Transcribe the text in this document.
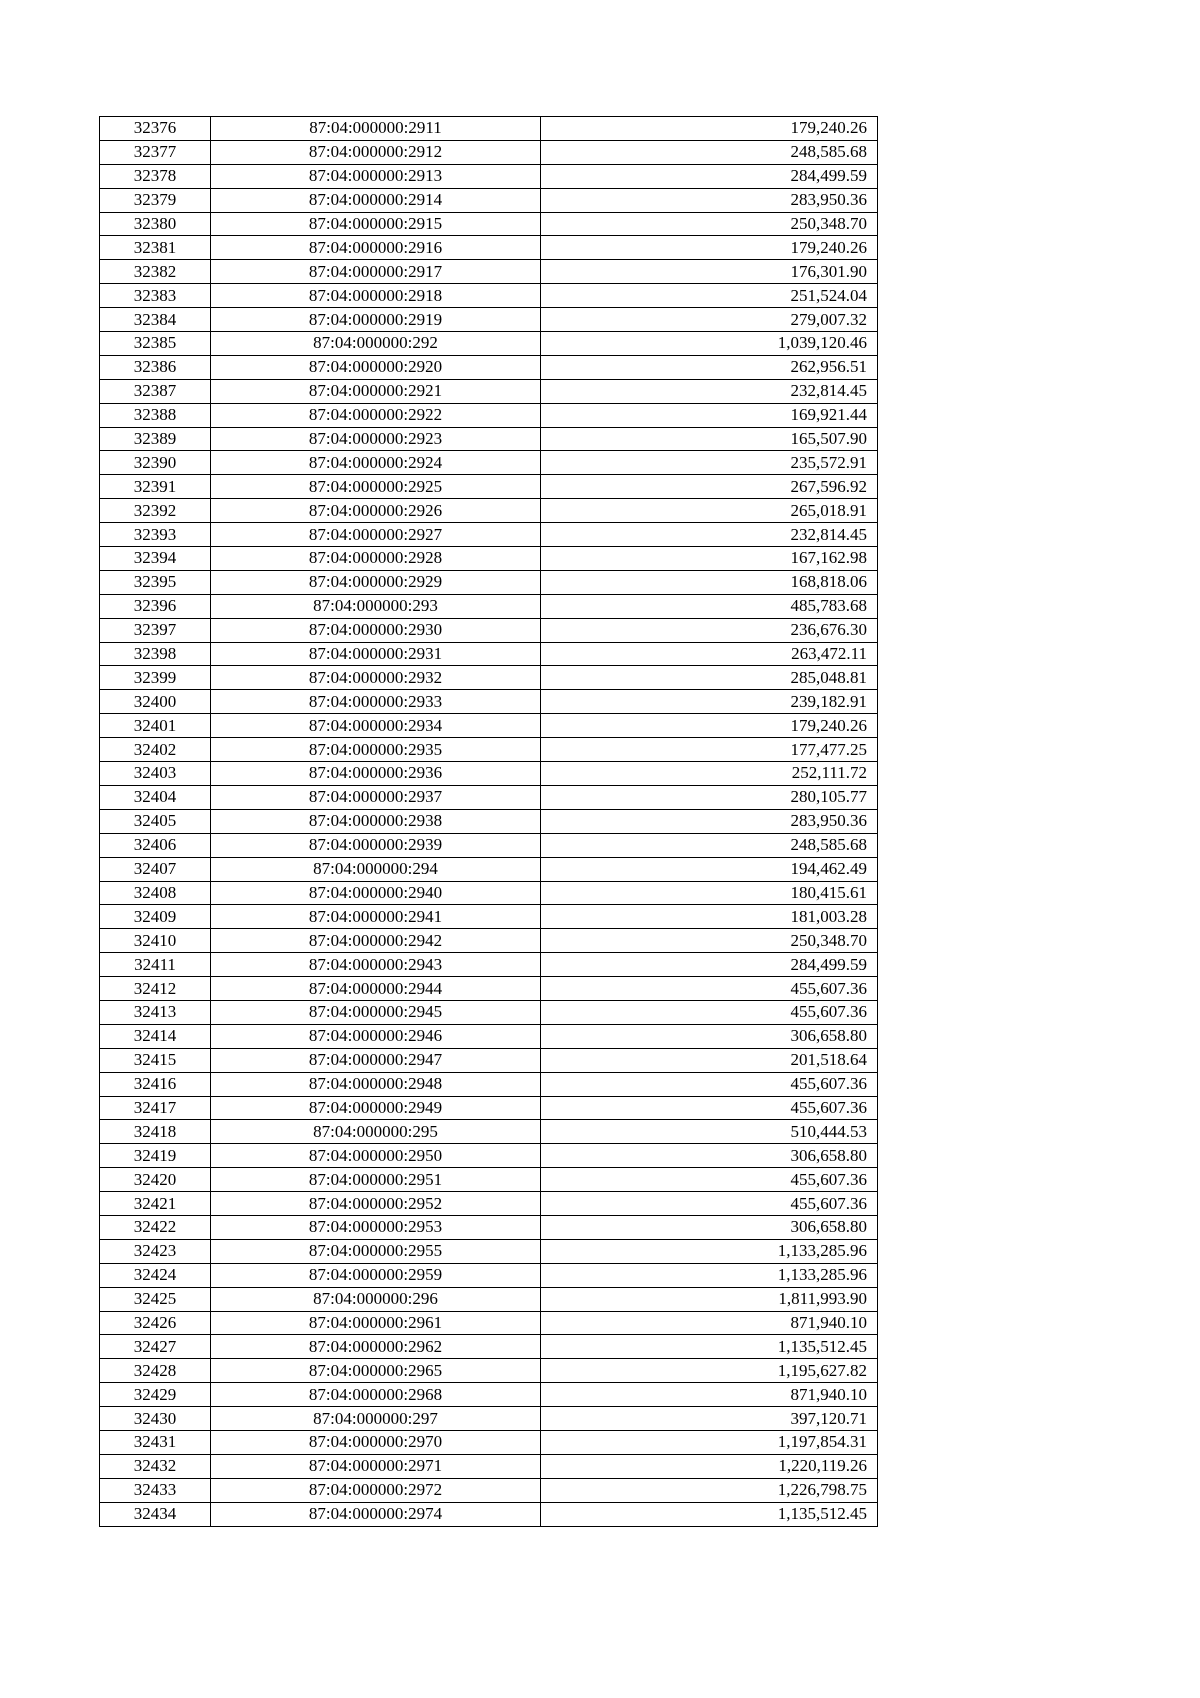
32376	87:04:000000:2911	179,240.26
32377	87:04:000000:2912	248,585.68
32378	87:04:000000:2913	284,499.59
32379	87:04:000000:2914	283,950.36
32380	87:04:000000:2915	250,348.70
32381	87:04:000000:2916	179,240.26
32382	87:04:000000:2917	176,301.90
32383	87:04:000000:2918	251,524.04
32384	87:04:000000:2919	279,007.32
32385	87:04:000000:292	1,039,120.46
32386	87:04:000000:2920	262,956.51
32387	87:04:000000:2921	232,814.45
32388	87:04:000000:2922	169,921.44
32389	87:04:000000:2923	165,507.90
32390	87:04:000000:2924	235,572.91
32391	87:04:000000:2925	267,596.92
32392	87:04:000000:2926	265,018.91
32393	87:04:000000:2927	232,814.45
32394	87:04:000000:2928	167,162.98
32395	87:04:000000:2929	168,818.06
32396	87:04:000000:293	485,783.68
32397	87:04:000000:2930	236,676.30
32398	87:04:000000:2931	263,472.11
32399	87:04:000000:2932	285,048.81
32400	87:04:000000:2933	239,182.91
32401	87:04:000000:2934	179,240.26
32402	87:04:000000:2935	177,477.25
32403	87:04:000000:2936	252,111.72
32404	87:04:000000:2937	280,105.77
32405	87:04:000000:2938	283,950.36
32406	87:04:000000:2939	248,585.68
32407	87:04:000000:294	194,462.49
32408	87:04:000000:2940	180,415.61
32409	87:04:000000:2941	181,003.28
32410	87:04:000000:2942	250,348.70
32411	87:04:000000:2943	284,499.59
32412	87:04:000000:2944	455,607.36
32413	87:04:000000:2945	455,607.36
32414	87:04:000000:2946	306,658.80
32415	87:04:000000:2947	201,518.64
32416	87:04:000000:2948	455,607.36
32417	87:04:000000:2949	455,607.36
32418	87:04:000000:295	510,444.53
32419	87:04:000000:2950	306,658.80
32420	87:04:000000:2951	455,607.36
32421	87:04:000000:2952	455,607.36
32422	87:04:000000:2953	306,658.80
32423	87:04:000000:2955	1,133,285.96
32424	87:04:000000:2959	1,133,285.96
32425	87:04:000000:296	1,811,993.90
32426	87:04:000000:2961	871,940.10
32427	87:04:000000:2962	1,135,512.45
32428	87:04:000000:2965	1,195,627.82
32429	87:04:000000:2968	871,940.10
32430	87:04:000000:297	397,120.71
32431	87:04:000000:2970	1,197,854.31
32432	87:04:000000:2971	1,220,119.26
32433	87:04:000000:2972	1,226,798.75
32434	87:04:000000:2974	1,135,512.45
